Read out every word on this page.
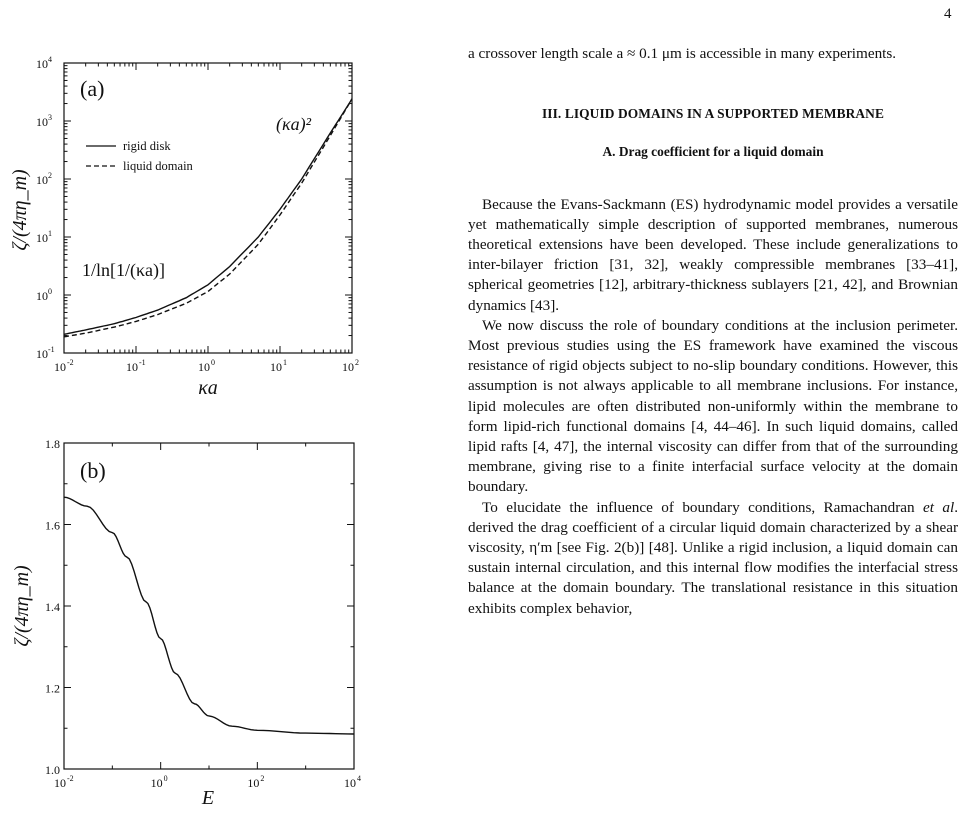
4
10 4
10 3
10 2
10 1
10 0
10 -1
10 -2	10 -1	10 0	10 1	10 2
(a)
(κa)²
1/ln[1/(κa)]
rigid disk
liquid domain
ζ/(4πη_m)
κa
1.8
1.6
1.4
1.2
1.0
10 -2	10 0	10 2	10 4
(b)
ζ/(4πη_m)
E

a crossover length scale a ≈ 0.1 μm is accessible in many experiments.

III. LIQUID DOMAINS IN A SUPPORTED MEMBRANE
A. Drag coefficient for a liquid domain

Because the Evans-Sackmann (ES) hydrodynamic model provides a versatile yet mathematically simple description of supported membranes, numerous theoretical extensions have been developed. These include generalizations to inter-bilayer friction [31, 32], weakly compressible membranes [33–41], spherical geometries [12], arbitrary-thickness sublayers [21, 42], and Brownian dynamics [43].

We now discuss the role of boundary conditions at the inclusion perimeter. Most previous studies using the ES framework have examined the viscous resistance of rigid objects subject to no-slip boundary conditions. However, this assumption is not always applicable to all membrane inclusions. For instance, lipid molecules are often distributed non-uniformly within the membrane to form lipid-rich functional domains [4, 44–46]. In such liquid domains, called lipid rafts [4, 47], the internal viscosity can differ from that of the surrounding membrane, giving rise to a finite interfacial surface velocity at the domain boundary.

To elucidate the influence of boundary conditions, Ramachandran et al. derived the drag coefficient of a circular liquid domain characterized by a shear viscosity, η′m [see Fig. 2(b)] [48]. Unlike a rigid inclusion, a liquid domain can sustain internal circulation, and this internal flow modifies the interfacial stress balance at the domain boundary. The translational resistance in this situation exhibits complex behavior,
